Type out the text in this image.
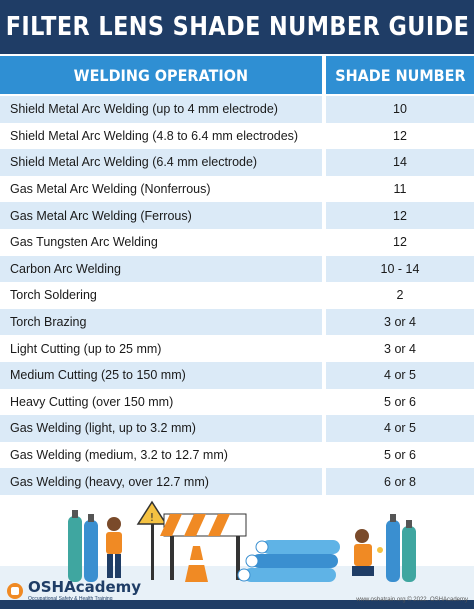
FILTER LENS SHADE NUMBER GUIDE
WELDING OPERATION	SHADE NUMBER
Shield Metal Arc Welding (up to 4 mm electrode)	10
Shield Metal Arc Welding (4.8 to 6.4 mm electrodes)	12
Shield Metal Arc Welding (6.4 mm electrode)	14
Gas Metal Arc Welding (Nonferrous)	11
Gas Metal Arc Welding (Ferrous)	12
Gas Tungsten Arc Welding	12
Carbon Arc Welding	10 - 14
Torch Soldering	2
Torch Brazing	3 or 4
Light Cutting (up to 25 mm)	3 or 4
Medium Cutting (25 to 150 mm)	4 or 5
Heavy Cutting (over 150 mm)	5 or 6
Gas Welding (light, up to 3.2 mm)	4 or 5
Gas Welding (medium, 3.2 to 12.7 mm)	5 or 6
Gas Welding (heavy, over 12.7 mm)	6 or 8
!
OSHAcademy
Occupational Safety & Health Training	www.oshatrain.org © 2022. OSHAcademy
